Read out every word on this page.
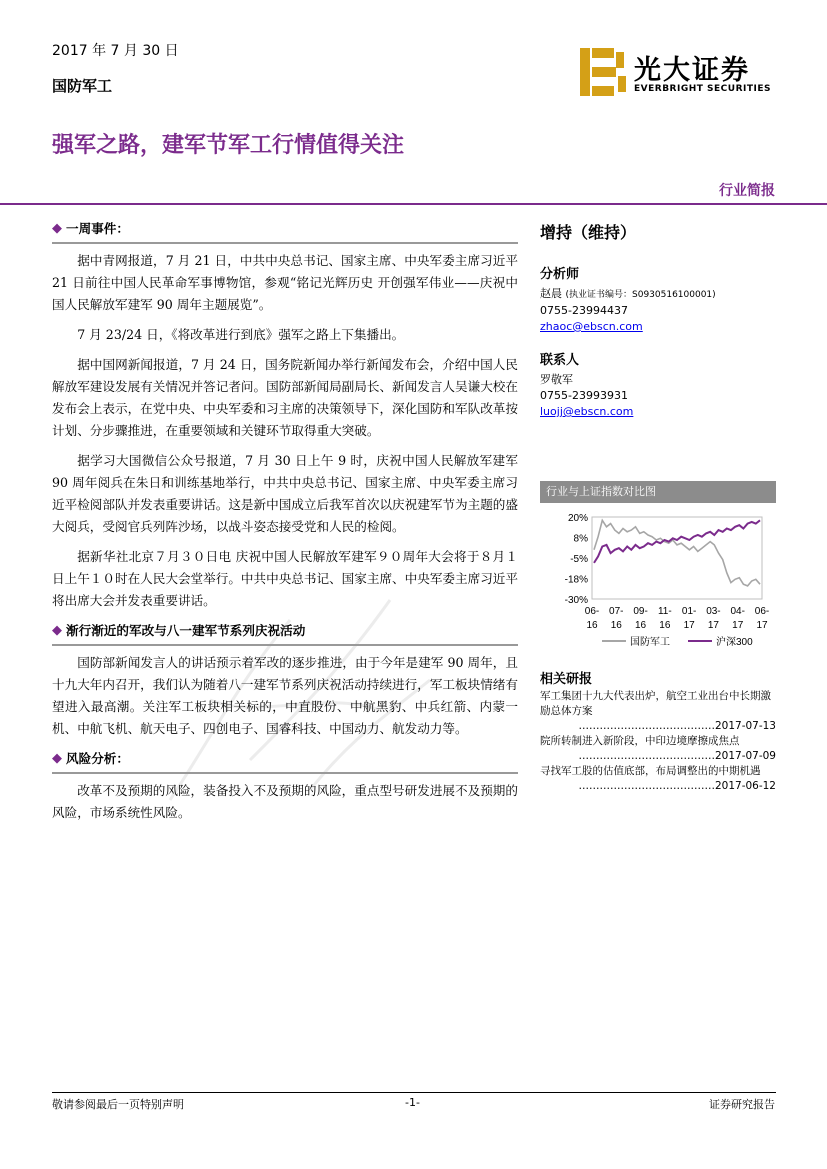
2017 年 7 月 30 日
国防军工	光大证券
EVERBRIGHT SECURITIES
强军之路，建军节军工行情值得关注
行业简报
◆ 一周事件：

据中青网报道，7 月 21 日，中共中央总书记、国家主席、中央军委主席习近平 21 日前往中国人民革命军事博物馆，参观“铭记光辉历史 开创强军伟业——庆祝中国人民解放军建军 90 周年主题展览”。

7 月 23/24 日，《将改革进行到底》强军之路上下集播出。

据中国网新闻报道，7 月 24 日，国务院新闻办举行新闻发布会，介绍中国人民解放军建设发展有关情况并答记者问。国防部新闻局副局长、新闻发言人吴谦大校在发布会上表示，在党中央、中央军委和习主席的决策领导下，深化国防和军队改革按计划、分步骤推进，在重要领域和关键环节取得重大突破。

据学习大国微信公众号报道，7 月 30 日上午 9 时，庆祝中国人民解放军建军 90 周年阅兵在朱日和训练基地举行，中共中央总书记、国家主席、中央军委主席习近平检阅部队并发表重要讲话。这是新中国成立后我军首次以庆祝建军节为主题的盛大阅兵，受阅官兵列阵沙场，以战斗姿态接受党和人民的检阅。

据新华社北京７月３０日电 庆祝中国人民解放军建军９０周年大会将于８月１日上午１０时在人民大会堂举行。中共中央总书记、国家主席、中央军委主席习近平将出席大会并发表重要讲话。

◆ 渐行渐近的军改与八一建军节系列庆祝活动

国防部新闻发言人的讲话预示着军改的逐步推进，由于今年是建军 90 周年，且十九大年内召开，我们认为随着八一建军节系列庆祝活动持续进行，军工板块情绪有望进入最高潮。关注军工板块相关标的，中直股份、中航黑豹、中兵红箭、内蒙一机、中航飞机、航天电子、四创电子、国睿科技、中国动力、航发动力等。

◆ 风险分析：

改革不及预期的风险，装备投入不及预期的风险，重点型号研发进展不及预期的风险，市场系统性风险。

增持（维持）
分析师
赵晨 (执业证书编号：S0930516100001)
0755-23994437
zhaoc@ebscn.com
联系人
罗敬军
0755-23993931
luojj@ebscn.com
行业与上证指数对比图
20%
8%
-5%
-18%
-30%
06-
16
07-
16
09-
16
11-
16
01-
17
03-
17
04-
17
06-
17
国防军工	沪深300
相关研报
军工集团十九大代表出炉，航空工业出台中长期激励总体方案
…………………………………2017-07-13
院所转制进入新阶段，中印边境摩擦成焦点
…………………………………2017-07-09
寻找军工股的估值底部，布局调整出的中期机遇
…………………………………2017-06-12
敬请参阅最后一页特别声明	-1-	证券研究报告
